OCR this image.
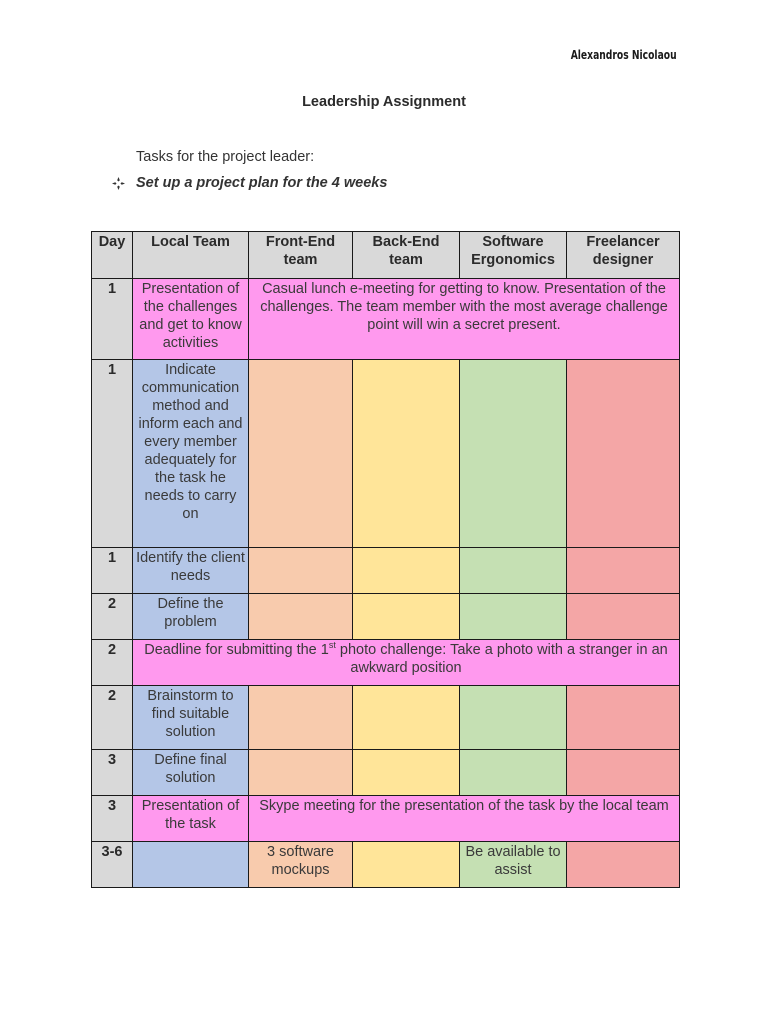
Alexandros Nicolaou
Leadership Assignment
Tasks for the project leader:
Set up a project plan for the 4 weeks
Day	Local Team	Front-End team	Back-End team	Software Ergonomics	Freelancer designer
1	Presentation of the challenges and get to know activities	Casual lunch e-meeting for getting to know. Presentation of the challenges. The team member with the most average challenge point will win a secret present.			
1	Indicate communication method and inform each and every member adequately for the task he needs to carry on				
1	Identify the client needs				
2	Define the problem				
2	Deadline for submitting the 1st photo challenge: Take a photo with a stranger in an awkward position				
2	Brainstorm to find suitable solution				
3	Define final solution				
3	Presentation of the task	Skype meeting for the presentation of the task by the local team			
3-6		3 software mockups		Be available to assist	
